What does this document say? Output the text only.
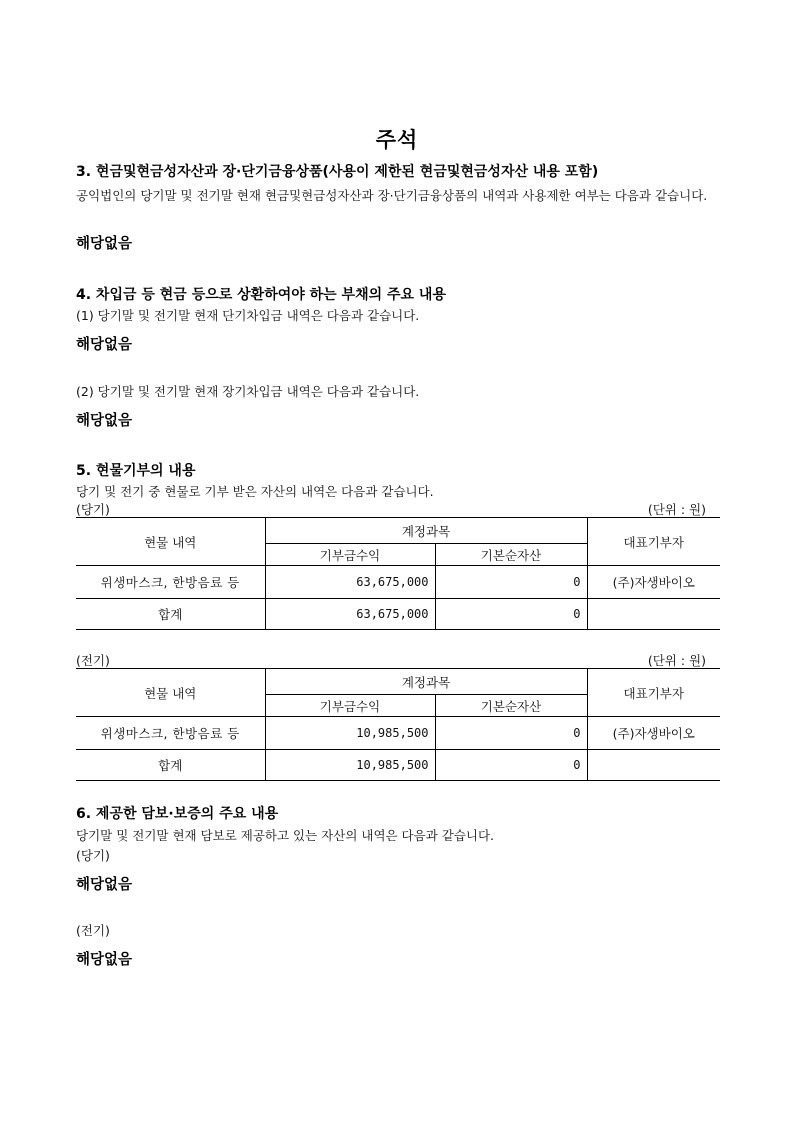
주석
3. 현금및현금성자산과 장·단기금융상품(사용이 제한된 현금및현금성자산 내용 포함)
공익법인의 당기말 및 전기말 현재 현금및현금성자산과 장·단기금융상품의 내역과 사용제한 여부는 다음과 같습니다.
해당없음
4. 차입금 등 현금 등으로 상환하여야 하는 부채의 주요 내용
(1) 당기말 및 전기말 현재 단기차입금 내역은 다음과 같습니다.
해당없음
(2) 당기말 및 전기말 현재 장기차입금 내역은 다음과 같습니다.
해당없음
5. 현물기부의 내용
당기 및 전기 중 현물로 기부 받은 자산의 내역은 다음과 같습니다.
(당기)	(단위 : 원)
현물 내역	계정과목		대표기부자
	기부금수익	기본순자산	
위생마스크, 한방음료 등	63,675,000	0	(주)자생바이오
합계	63,675,000	0	
(전기)	(단위 : 원)
현물 내역	계정과목		대표기부자
	기부금수익	기본순자산	
위생마스크, 한방음료 등	10,985,500	0	(주)자생바이오
합계	10,985,500	0	
6. 제공한 담보·보증의 주요 내용
당기말 및 전기말 현재 담보로 제공하고 있는 자산의 내역은 다음과 같습니다.
(당기)
해당없음
(전기)
해당없음
